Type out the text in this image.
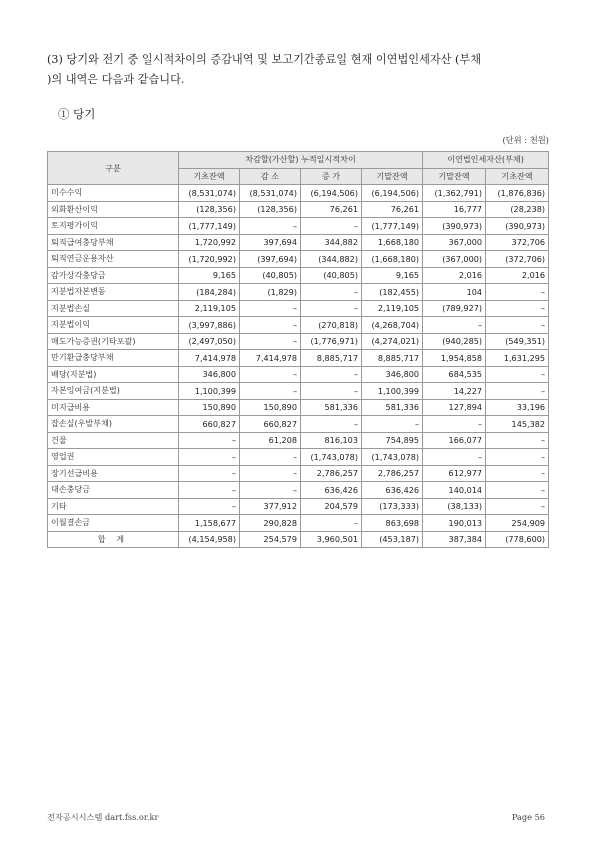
(3) 당기와 전기 중 일시적차이의 증감내역 및 보고기간종료일 현재 이연법인세자산 (부채
)의 내역은 다음과 같습니다.
① 당기
(단위 : 천원)
구분	차감할(가산할) 누적일시적차이				이연법인세자산(부채)	
	기초잔액	감 소	증 가	기말잔액	기말잔액	기초잔액
미수수익	(8,531,074)	(8,531,074)	(6,194,506)	(6,194,506)	(1,362,791)	(1,876,836)
외화환산이익	(128,356)	(128,356)	76,261	76,261	16,777	(28,238)
토지평가이익	(1,777,149)	–	–	(1,777,149)	(390,973)	(390,973)
퇴직급여충당부채	1,720,992	397,694	344,882	1,668,180	367,000	372,706
퇴직연금운용자산	(1,720,992)	(397,694)	(344,882)	(1,668,180)	(367,000)	(372,706)
감가상각충당금	9,165	(40,805)	(40,805)	9,165	2,016	2,016
지분법자본변동	(184,284)	(1,829)	–	(182,455)	104	–
지분법손실	2,119,105	–	–	2,119,105	(789,927)	–
지분법이익	(3,997,886)	–	(270,818)	(4,268,704)	–	–
매도가능증권(기타포괄)	(2,497,050)	–	(1,776,971)	(4,274,021)	(940,285)	(549,351)
만기환급충당부채	7,414,978	7,414,978	8,885,717	8,885,717	1,954,858	1,631,295
배당(지분법)	346,800	–	–	346,800	684,535	–
자본잉여금(지분법)	1,100,399	–	–	1,100,399	14,227	–
미지급비용	150,890	150,890	581,336	581,336	127,894	33,196
잡손실(우발부채)	660,827	660,827	–	–	–	145,382
건물	–	61,208	816,103	754,895	166,077	–
영업권	–	–	(1,743,078)	(1,743,078)	–	–
장기선급비용	–	–	2,786,257	2,786,257	612,977	–
대손충당금	–	–	636,426	636,426	140,014	–
기타	–	377,912	204,579	(173,333)	(38,133)	–
이월결손금	1,158,677	290,828	–	863,698	190,013	254,909
합 계	(4,154,958)	254,579	3,960,501	(453,187)	387,384	(778,600)
전자공시시스템 dart.fss.or.kr	Page 56
